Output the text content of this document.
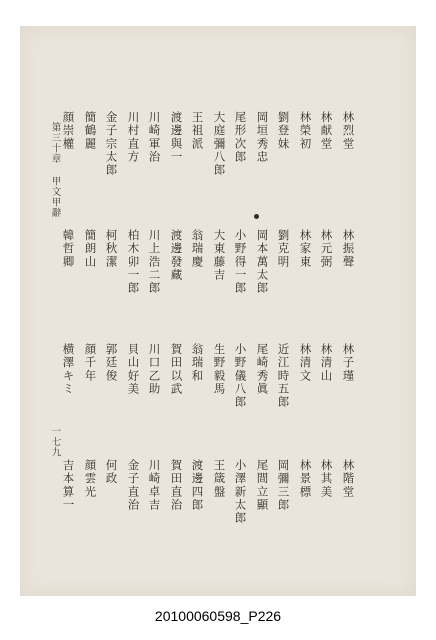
林烈堂
林振聲
林子瑾
林階堂
林献堂
林元弼
林清山
林其美
林榮初
林家東
林清文
林景標
劉登妹
劉克明
近江時五郎
岡彌三郎
岡垣秀忠
岡本萬太郎
尾崎秀眞
尾間立顯
尾形次郎
小野得一郎
小野儀八郎
小澤新太郎
大庭彌八郎
大東藤吉
生野毅馬
王箴盤
王祖派
翁瑞慶
翁瑞和
渡邊四郎
渡邊與一
渡邊發藏
賀田以武
賀田直治
川崎軍治
川上浩二郎
川口乙助
川崎卓吉
川村直方
柏木卯一郎
貝山好美
金子直治
金子宗太郎
柯秋潔
郭廷俊
何政
簡鶴麗
簡朗山
顔千年
顔雲光
顔崇權
韓哲卿
横澤キミ
吉本算一
第三十章 甲文甲辭
一七九
20100060598_P226
